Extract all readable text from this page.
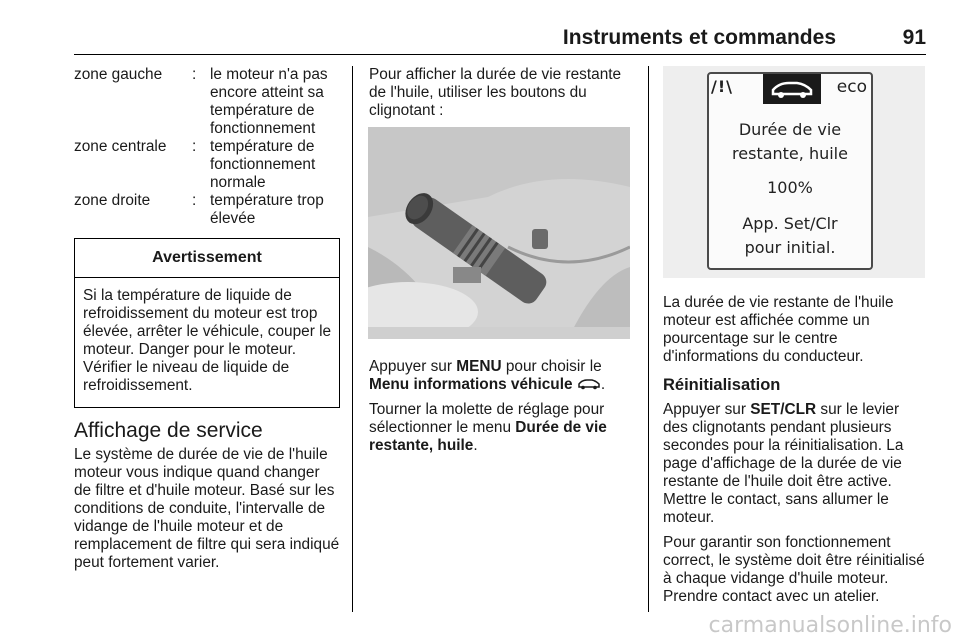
Instruments et commandes	91
zone gauche	:	le moteur n'a pas encore atteint sa température de fonctionnement
zone centrale	:	température de fonctionnement normale
zone droite	:	température trop élevée
Avertissement
Si la température de liquide de refroidissement du moteur est trop élevée, arrêter le véhicule, couper le moteur. Danger pour le moteur. Vérifier le niveau de liquide de refroidissement.
Affichage de service

Le système de durée de vie de l'huile moteur vous indique quand changer de filtre et d'huile moteur. Basé sur les conditions de conduite, l'intervalle de vidange de l'huile moteur et de remplacement de filtre qui sera indiqué peut fortement varier.

Pour afficher la durée de vie restante de l'huile, utiliser les boutons du clignotant :

Appuyer sur MENU pour choisir le Menu informations véhicule .

Tourner la molette de réglage pour sélectionner le menu Durée de vie restante, huile.

/!\	eco
Durée de vie
restante, huile
100%
App. Set/Clr
pour initial.

La durée de vie restante de l'huile moteur est affichée comme un pourcentage sur le centre d'informations du conducteur.

Réinitialisation

Appuyer sur SET/CLR sur le levier des clignotants pendant plusieurs secondes pour la réinitialisation. La page d'affichage de la durée de vie restante de l'huile doit être active. Mettre le contact, sans allumer le moteur.

Pour garantir son fonctionnement correct, le système doit être réinitialisé à chaque vidange d'huile moteur. Prendre contact avec un atelier.

carmanualsonline.info
